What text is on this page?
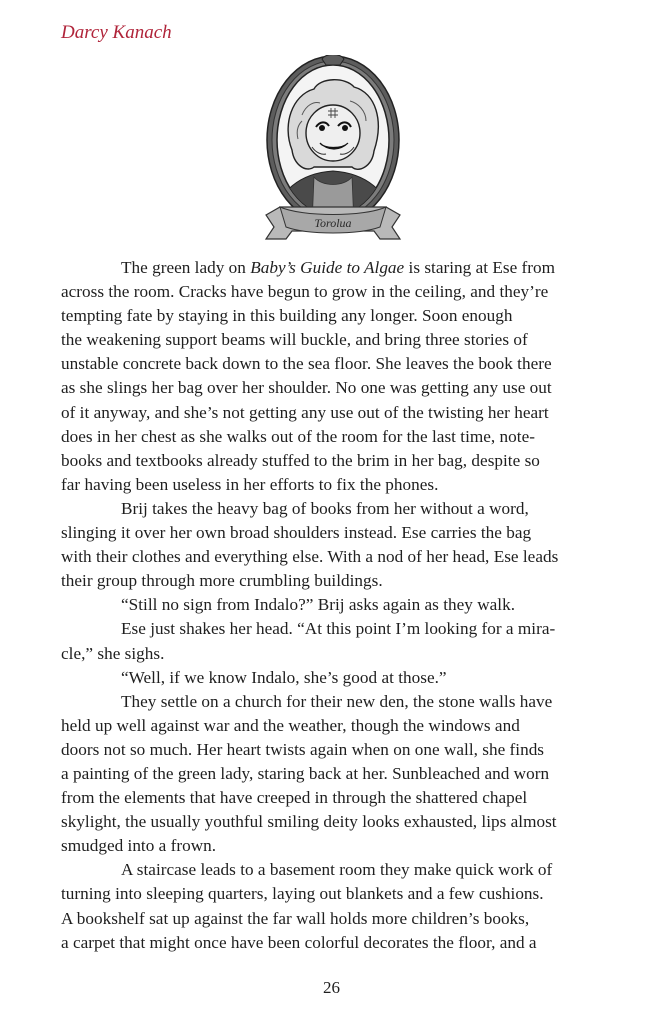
Darcy Kanach
Torolua

The green lady on Baby’s Guide to Algae is staring at Ese from
across the room. Cracks have begun to grow in the ceiling, and they’re
tempting fate by staying in this building any longer. Soon enough
the weakening support beams will buckle, and bring three stories of
unstable concrete back down to the sea floor. She leaves the book there
as she slings her bag over her shoulder. No one was getting any use out
of it anyway, and she’s not getting any use out of the twisting her heart
does in her chest as she walks out of the room for the last time, note-
books and textbooks already stuffed to the brim in her bag, despite so
far having been useless in her efforts to fix the phones.

Brij takes the heavy bag of books from her without a word,
slinging it over her own broad shoulders instead. Ese carries the bag
with their clothes and everything else. With a nod of her head, Ese leads
their group through more crumbling buildings.

“Still no sign from Indalo?” Brij asks again as they walk.

Ese just shakes her head. “At this point I’m looking for a mira-
cle,” she sighs.

“Well, if we know Indalo, she’s good at those.”

They settle on a church for their new den, the stone walls have
held up well against war and the weather, though the windows and
doors not so much. Her heart twists again when on one wall, she finds
a painting of the green lady, staring back at her. Sunbleached and worn
from the elements that have creeped in through the shattered chapel
skylight, the usually youthful smiling deity looks exhausted, lips almost
smudged into a frown.

A staircase leads to a basement room they make quick work of
turning into sleeping quarters, laying out blankets and a few cushions.
A bookshelf sat up against the far wall holds more children’s books,
a carpet that might once have been colorful decorates the floor, and a

26
